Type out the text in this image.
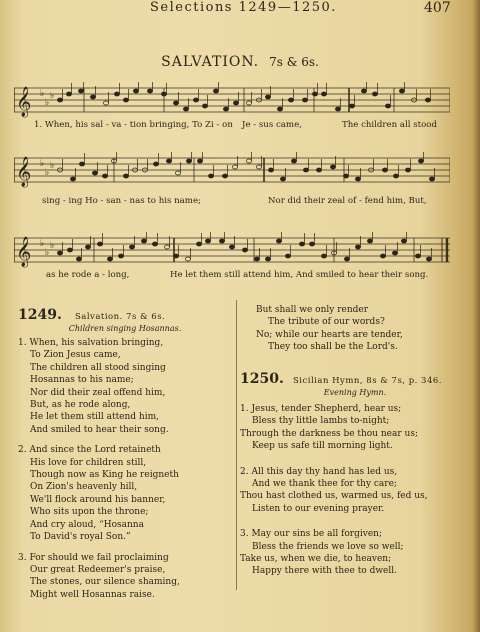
Selections 1249—1250.	407
SALVATION. 7s & 6s.
𝄞 ♭
♭
♭
1. When, his sal - va - tion bringing, To Zi - on Je - sus came,	The children all stood
𝄞 ♭
♭
♭
sing - ing Ho - san - nas to his name;	Nor did their zeal of - fend him, But,
𝄞 ♭
♭
♭
as he rode a - long,	He let them still attend him, And smiled to hear their song.
1249. Salvation. 7s & 6s.
Children singing Hosannas.
1. When, his salvation bringing,
To Zion Jesus came,
The children all stood singing
Hosannas to his name;
Nor did their zeal offend him,
But, as he rode along,
He let them still attend him,
And smiled to hear their song.
2. And since the Lord retaineth
His love for children still,
Though now as King he reigneth
On Zion's heavenly hill,
We'll flock around his banner,
Who sits upon the throne;
And cry aloud, “Hosanna
To David's royal Son.”
3. For should we fail proclaiming
Our great Redeemer's praise,
The stones, our silence shaming,
Might well Hosannas raise.
But shall we only render
The tribute of our words?
No; while our hearts are tender,
They too shall be the Lord's.
1250. Sicilian Hymn, 8s & 7s, p. 346.
Evening Hymn.
1. Jesus, tender Shepherd, hear us;
Bless thy little lambs to-night;
Through the darkness be thou near us;
Keep us safe till morning light.
2. All this day thy hand has led us,
And we thank thee for thy care;
Thou hast clothed us, warmed us, fed us,
Listen to our evening prayer.
3. May our sins be all forgiven;
Bless the friends we love so well;
Take us, when we die, to heaven;
Happy there with thee to dwell.
